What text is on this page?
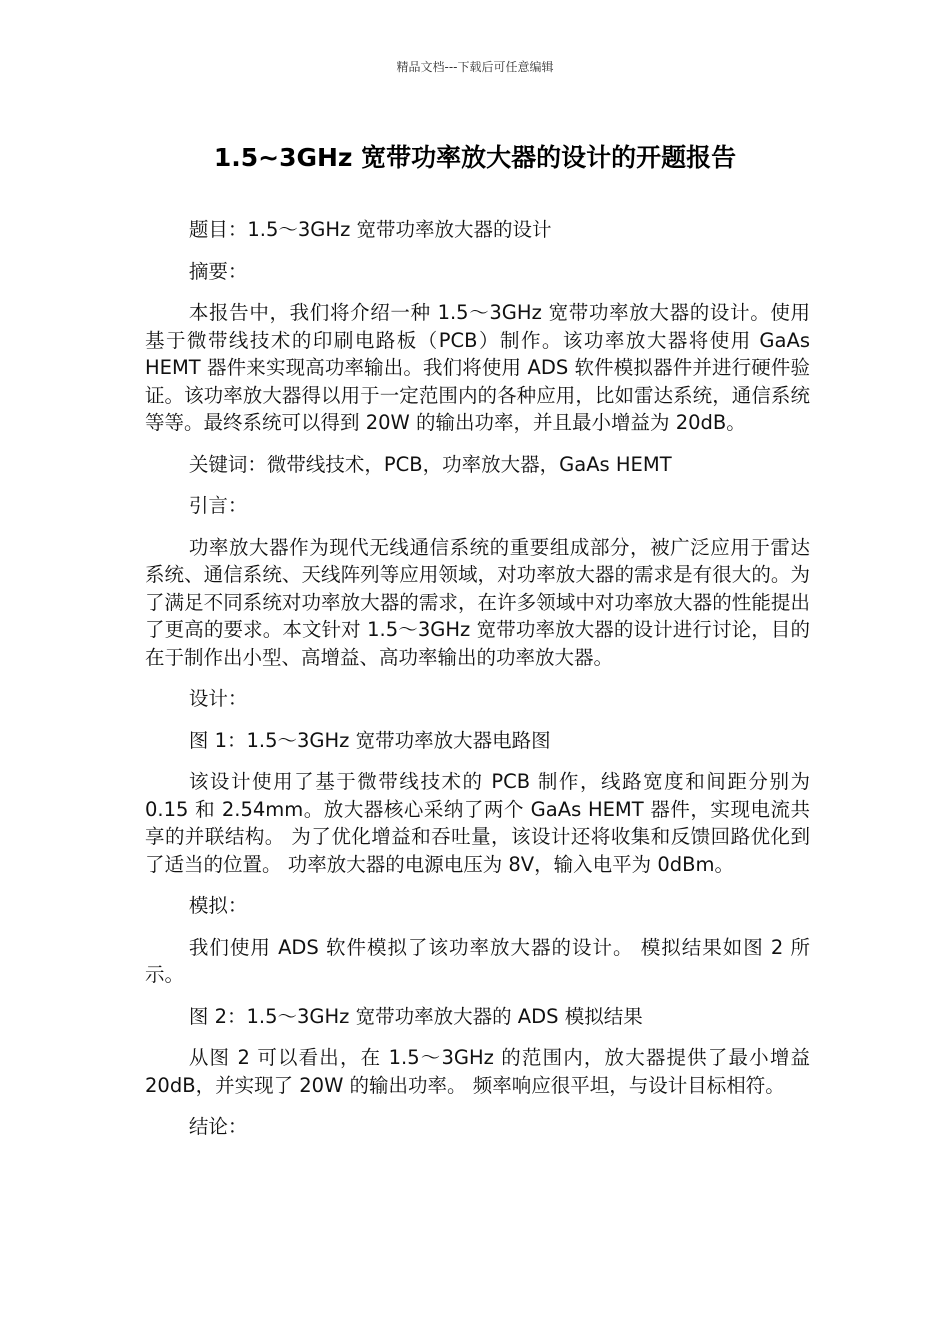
精品文档---下载后可任意编辑
1.5~3GHz 宽带功率放大器的设计的开题报告

题目：1.5～3GHz 宽带功率放大器的设计

摘要：

本报告中，我们将介绍一种 1.5～3GHz 宽带功率放大器的设计。使用基于微带线技术的印刷电路板（PCB）制作。该功率放大器将使用 GaAs HEMT 器件来实现高功率输出。我们将使用 ADS 软件模拟器件并进行硬件验证。该功率放大器得以用于一定范围内的各种应用，比如雷达系统，通信系统等等。最终系统可以得到 20W 的输出功率，并且最小增益为 20dB。

关键词：微带线技术，PCB，功率放大器，GaAs HEMT

引言：

功率放大器作为现代无线通信系统的重要组成部分，被广泛应用于雷达系统、通信系统、天线阵列等应用领域，对功率放大器的需求是有很大的。为了满足不同系统对功率放大器的需求，在许多领域中对功率放大器的性能提出了更高的要求。本文针对 1.5～3GHz 宽带功率放大器的设计进行讨论，目的在于制作出小型、高增益、高功率输出的功率放大器。

设计：

图 1：1.5～3GHz 宽带功率放大器电路图

该设计使用了基于微带线技术的 PCB 制作，线路宽度和间距分别为 0.15 和 2.54mm。放大器核心采纳了两个 GaAs HEMT 器件，实现电流共享的并联结构。 为了优化增益和吞吐量，该设计还将收集和反馈回路优化到了适当的位置。 功率放大器的电源电压为 8V，输入电平为 0dBm。

模拟：

我们使用 ADS 软件模拟了该功率放大器的设计。 模拟结果如图 2 所示。

图 2：1.5～3GHz 宽带功率放大器的 ADS 模拟结果

从图 2 可以看出，在 1.5～3GHz 的范围内，放大器提供了最小增益 20dB，并实现了 20W 的输出功率。 频率响应很平坦，与设计目标相符。

结论：
